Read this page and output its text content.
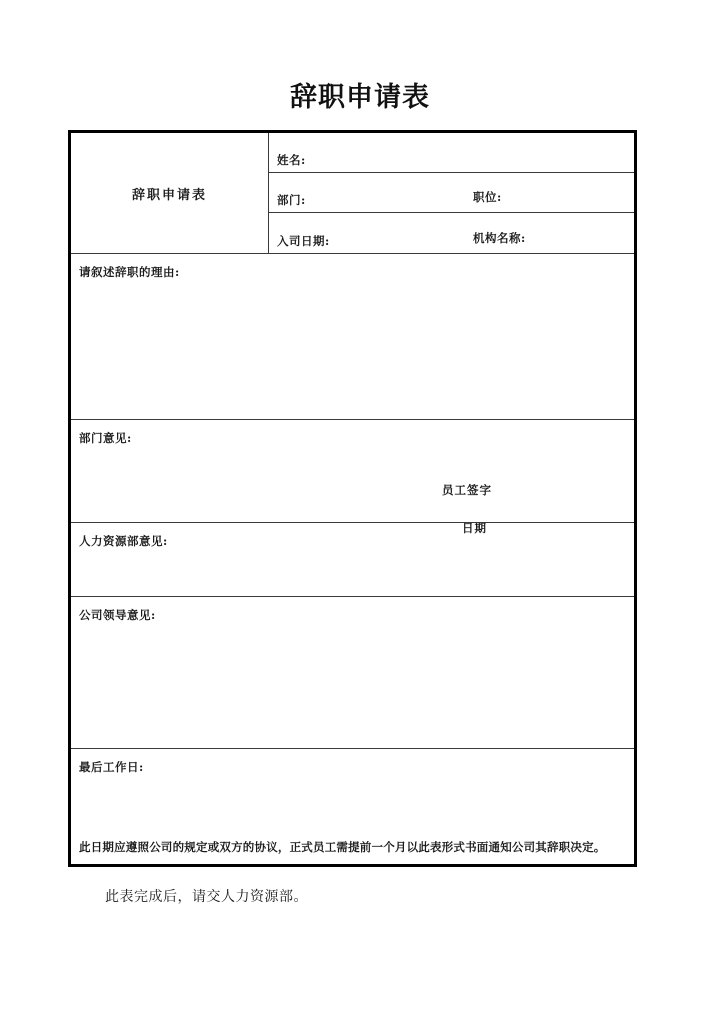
辞职申请表
辞职申请表
姓名:
部门:	职位:
入司日期:	机构名称:
请叙述辞职的理由:
员工签字
日期
部门意见:
人力资源部意见:
公司领导意见:
最后工作日:
此日期应遵照公司的规定或双方的协议，正式员工需提前一个月以此表形式书面通知公司其辞职决定。
此表完成后，请交人力资源部。
